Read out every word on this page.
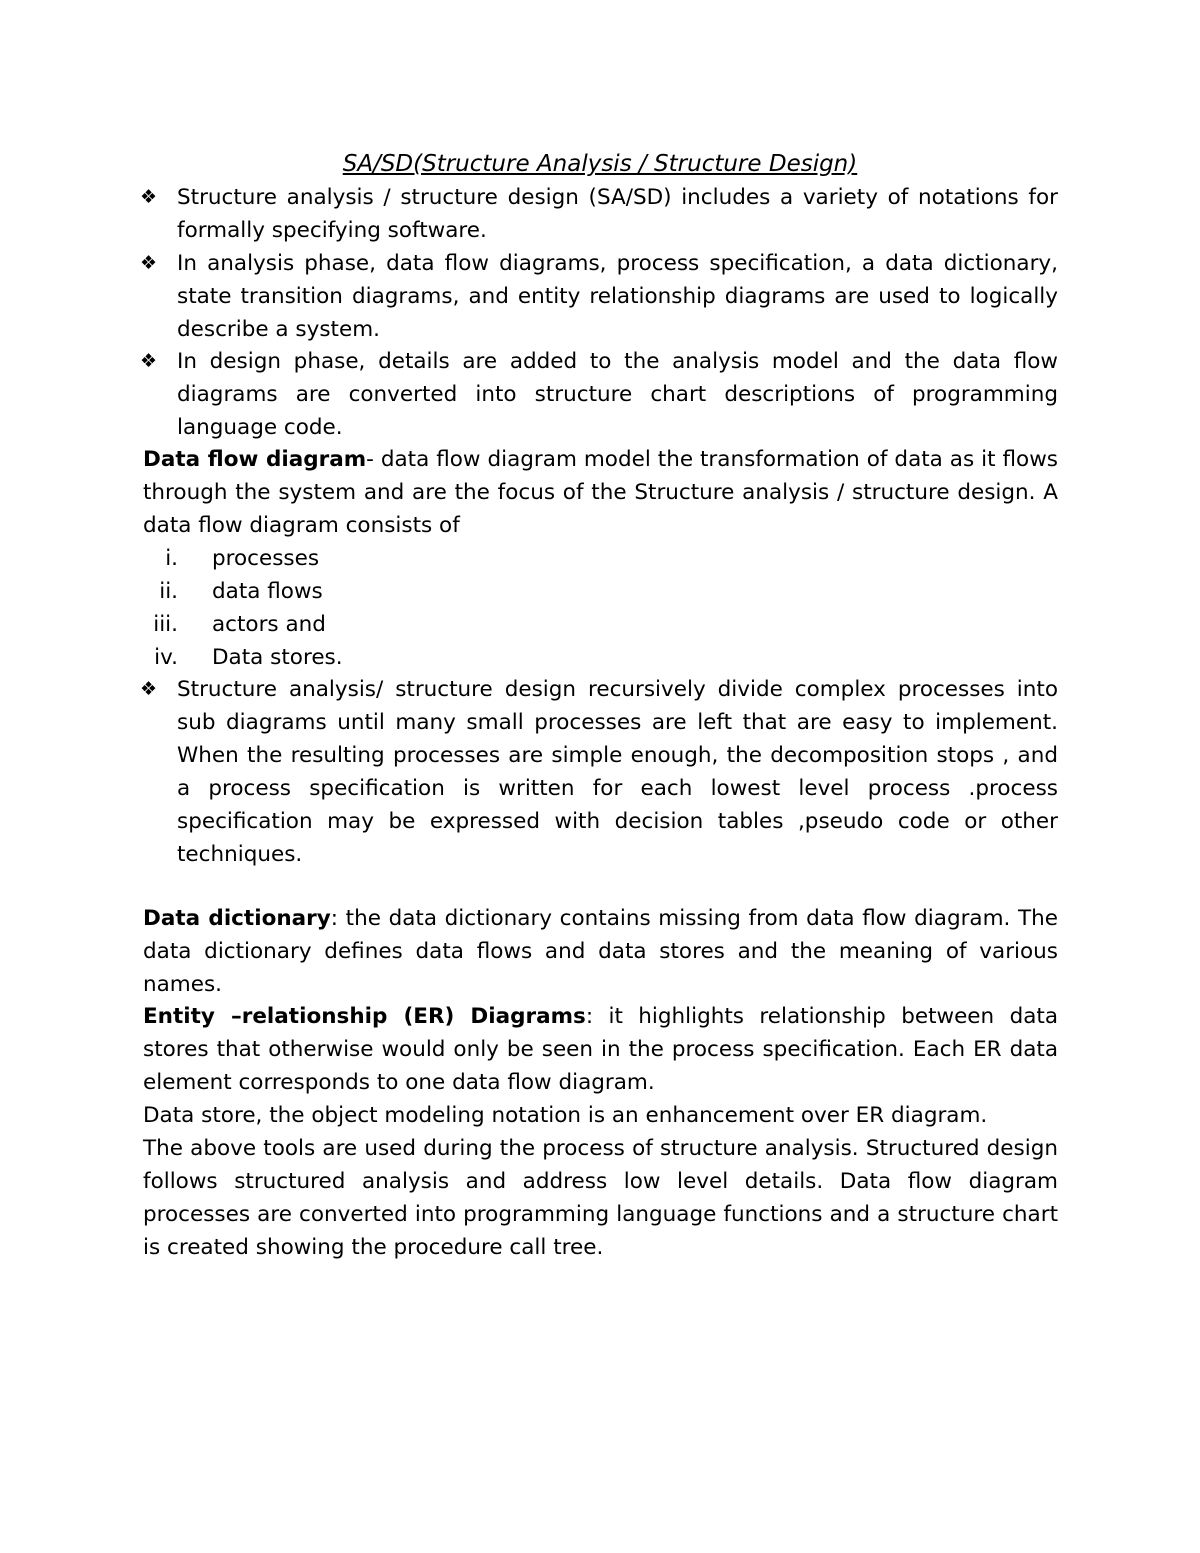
SA/SD(Structure Analysis / Structure Design)
❖ Structure analysis / structure design (SA/SD) includes a variety of notations for formally specifying software.
❖ In analysis phase, data flow diagrams, process specification, a data dictionary, state transition diagrams, and entity relationship diagrams are used to logically describe a system.
❖ In design phase, details are added to the analysis model and the data flow diagrams are converted into structure chart descriptions of programming language code.
Data flow diagram- data flow diagram model the transformation of data as it flows through the system and are the focus of the Structure analysis / structure design. A data flow diagram consists of
i. processes
ii. data flows
iii. actors and
iv. Data stores.
❖ Structure analysis/ structure design recursively divide complex processes into sub diagrams until many small processes are left that are easy to implement. When the resulting processes are simple enough, the decomposition stops , and a process specification is written for each lowest level process .process specification may be expressed with decision tables ,pseudo code or other techniques.
Data dictionary: the data dictionary contains missing from data flow diagram. The data dictionary defines data flows and data stores and the meaning of various names.
Entity –relationship (ER) Diagrams: it highlights relationship between data stores that otherwise would only be seen in the process specification. Each ER data element corresponds to one data flow diagram.
Data store, the object modeling notation is an enhancement over ER diagram.
The above tools are used during the process of structure analysis. Structured design follows structured analysis and address low level details. Data flow diagram processes are converted into programming language functions and a structure chart is created showing the procedure call tree.
